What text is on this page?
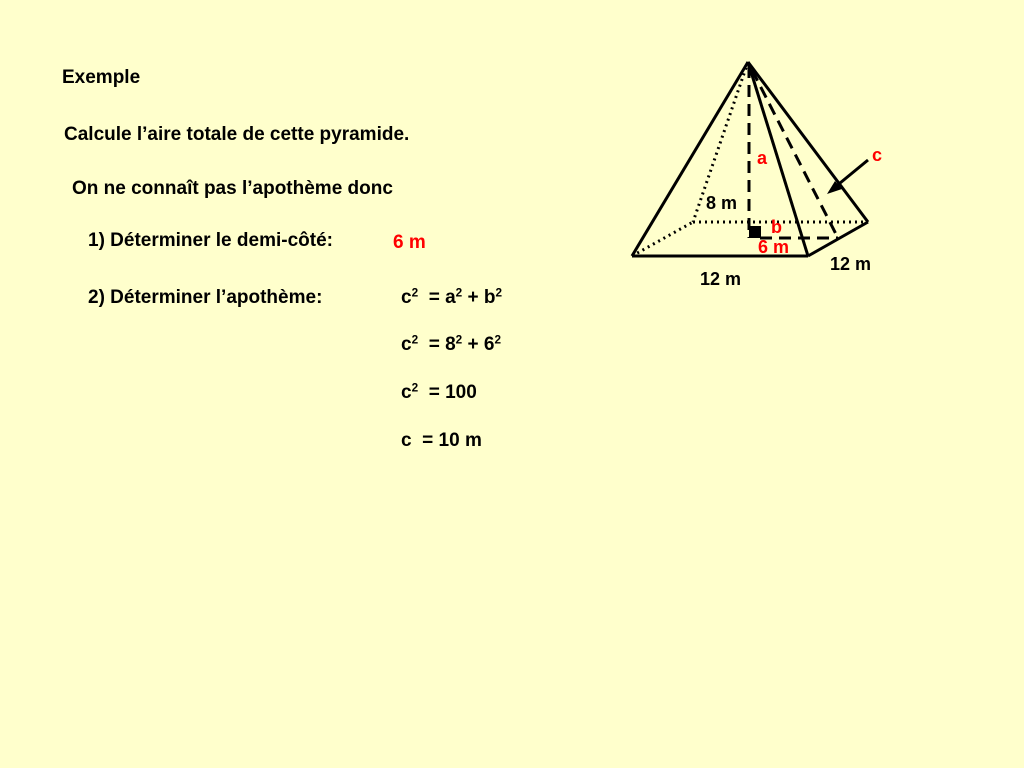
Exemple
Calcule l’aire totale de cette pyramide.
On ne connaît pas l’apothème donc
1) Déterminer le demi-côté:	6 m
2) Déterminer l’apothème:	$c^2 = a^2 + b^2$
$c^2 = 8^2 + 6^2$
$c^2 = 100$
c = 10 m
a	c
b
8 m
6 m
12 m
12 m
